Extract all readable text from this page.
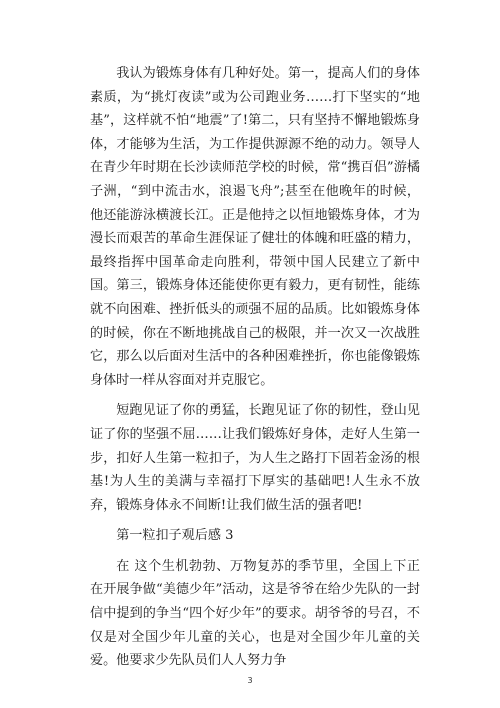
我认为锻炼身体有几种好处。第一，提高人们的身体素质，为“挑灯夜读”或为公司跑业务……打下坚实的“地基”，这样就不怕“地震”了!第二，只有坚持不懈地锻炼身体，才能够为生活，为工作提供源源不绝的动力。领导人在青少年时期在长沙读师范学校的时候，常“携百侣”游橘子洲，“到中流击水，浪遏飞舟”;甚至在他晚年的时候，他还能游泳横渡长江。正是他持之以恒地锻炼身体，才为漫长而艰苦的革命生涯保证了健壮的体魄和旺盛的精力，最终指挥中国革命走向胜利，带领中国人民建立了新中国。第三，锻炼身体还能使你更有毅力，更有韧性，能练就不向困难、挫折低头的顽强不屈的品质。比如锻炼身体的时候，你在不断地挑战自己的极限，并一次又一次战胜它，那么以后面对生活中的各种困难挫折，你也能像锻炼身体时一样从容面对并克服它。

短跑见证了你的勇猛，长跑见证了你的韧性，登山见证了你的坚强不屈……让我们锻炼好身体，走好人生第一步，扣好人生第一粒扣子，为人生之路打下固若金汤的根基!为人生的美满与幸福打下厚实的基础吧!人生永不放弃，锻炼身体永不间断!让我们做生活的强者吧!

第一粒扣子观后感 3

在 这个生机勃勃、万物复苏的季节里，全国上下正在开展争做“美德少年”活动，这是爷爷在给少先队的一封信中提到的争当“四个好少年”的要求。胡爷爷的号召，不仅是对全国少年儿童的关心，也是对全国少年儿童的关爱。他要求少先队员们人人努力争

3
